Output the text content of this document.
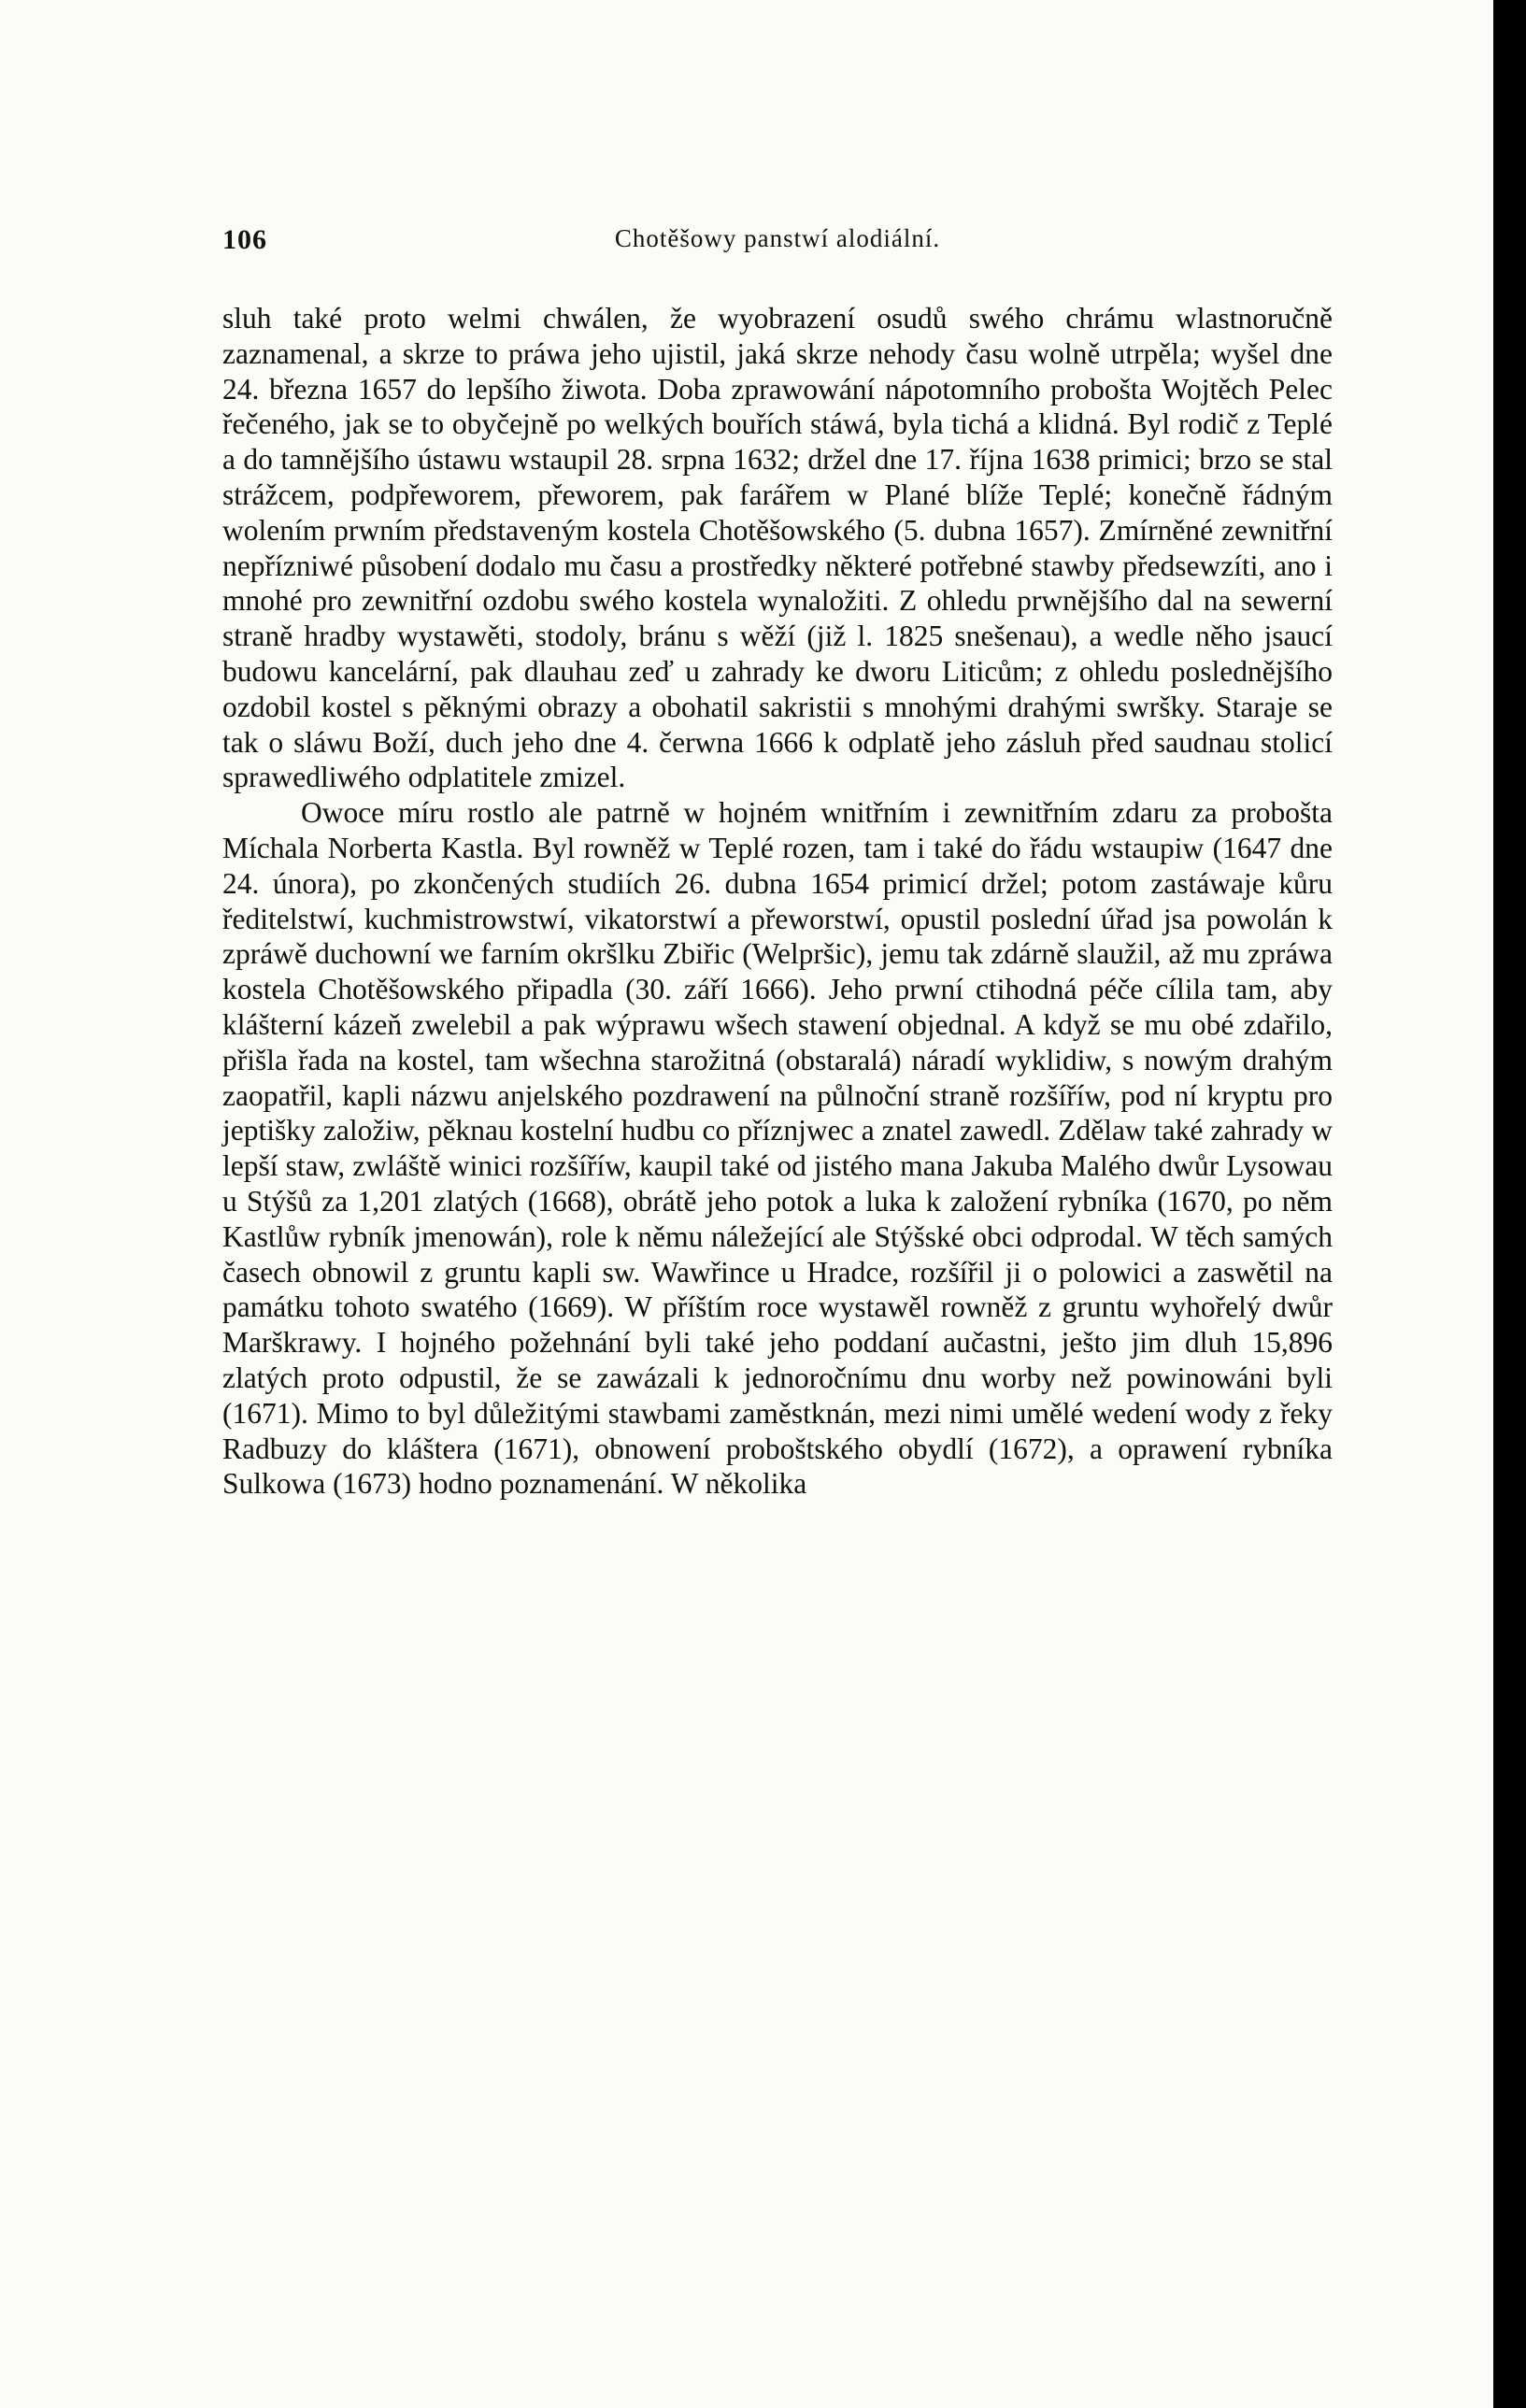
106	Chotěšowy panstwí alodiální.

sluh také proto welmi chwálen, že wyobrazení osudů swého chrámu wlastnoručně zaznamenal, a skrze to práwa jeho ujistil, jaká skrze nehody času wolně utrpěla; wyšel dne 24. března 1657 do lepšího žiwota. Doba zprawowání nápotomního probošta Wojtěch Pelec řečeného, jak se to obyčejně po welkých bouřích stáwá, byla tichá a klidná. Byl rodič z Teplé a do tamnějšího ústawu wstaupil 28. srpna 1632; držel dne 17. října 1638 primici; brzo se stal strážcem, podpřeworem, přeworem, pak farářem w Plané blíže Teplé; konečně řádným wolením prwním představeným kostela Chotěšowského (5. dubna 1657). Zmírněné zewnitřní nepřízniwé působení dodalo mu času a prostředky některé potřebné stawby předsewzíti, ano i mnohé pro zewnitřní ozdobu swého kostela wynaložiti. Z ohledu prwnějšího dal na sewerní straně hradby wystawěti, stodoly, bránu s wěží (již l. 1825 snešenau), a wedle něho jsaucí budowu kancelární, pak dlauhau zeď u zahrady ke dworu Liticům; z ohledu poslednějšího ozdobil kostel s pěknými obrazy a obohatil sakristii s mnohými drahými swršky. Staraje se tak o sláwu Boží, duch jeho dne 4. čerwna 1666 k odplatě jeho zásluh před saudnau stolicí sprawedliwého odplatitele zmizel.

Owoce míru rostlo ale patrně w hojném wnitřním i zewnitřním zdaru za probošta Míchala Norberta Kastla. Byl rowněž w Teplé rozen, tam i také do řádu wstaupiw (1647 dne 24. února), po zkončených studiích 26. dubna 1654 primicí držel; potom zastáwaje kůru ředitelstwí, kuchmistrowstwí, vikatorstwí a přeworstwí, opustil poslední úřad jsa powolán k zpráwě duchowní we farním okršlku Zbiřic (Welpršic), jemu tak zdárně slaužil, až mu zpráwa kostela Chotěšowského připadla (30. září 1666). Jeho prwní ctihodná péče cílila tam, aby klášterní kázeň zwelebil a pak wýprawu wšech stawení objednal. A když se mu obé zdařilo, přišla řada na kostel, tam wšechna starožitná (obstaralá) náradí wyklidiw, s nowým drahým zaopatřil, kapli názwu anjelského pozdrawení na půlnoční straně rozšíříw, pod ní kryptu pro jeptišky založiw, pěknau kostelní hudbu co příznjwec a znatel zawedl. Zdělaw také zahrady w lepší staw, zwláště winici rozšíříw, kaupil také od jistého mana Jakuba Malého dwůr Lysowau u Stýšů za 1,201 zlatých (1668), obrátě jeho potok a luka k založení rybníka (1670, po něm Kastlůw rybník jmenowán), role k němu náležející ale Stýšské obci odprodal. W těch samých časech obnowil z gruntu kapli sw. Wawřince u Hradce, rozšířil ji o polowici a zaswětil na památku tohoto swatého (1669). W příštím roce wystawěl rowněž z gruntu wyhořelý dwůr Marškrawy. I hojného požehnání byli také jeho poddaní aučastni, ješto jim dluh 15,896 zlatých proto odpustil, že se zawázali k jednoročnímu dnu worby než powinowáni byli (1671). Mimo to byl důležitými stawbami zaměstknán, mezi nimi umělé wedení wody z řeky Radbuzy do kláštera (1671), obnowení proboštského obydlí (1672), a oprawení rybníka Sulkowa (1673) hodno poznamenání. W několika
